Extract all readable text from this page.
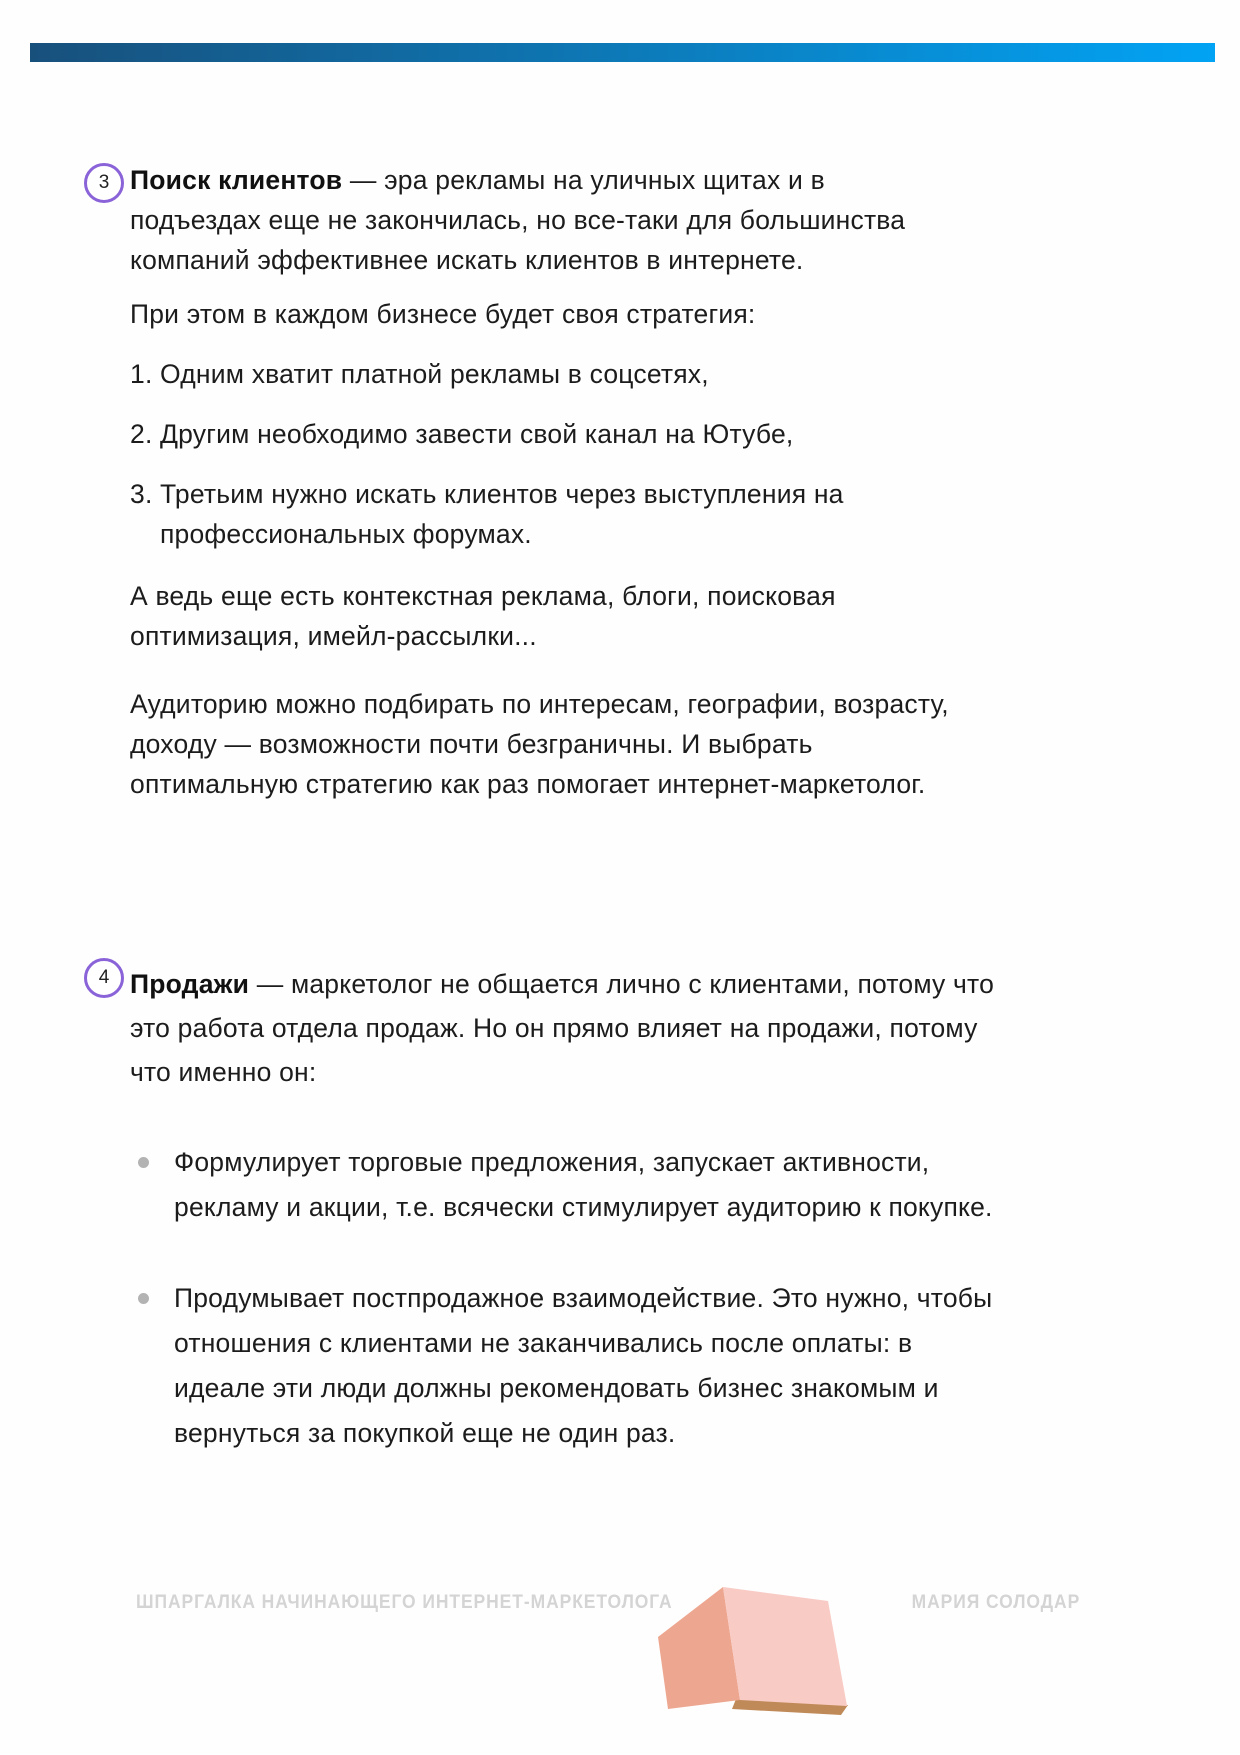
3 Поиск клиентов — эра рекламы на уличных щитах и в подъездах еще не закончилась, но все-таки для большинства компаний эффективнее искать клиентов в интернете.

При этом в каждом бизнесе будет своя стратегия:

1. Одним хватит платной рекламы в соцсетях,
2. Другим необходимо завести свой канал на Ютубе,
3. Третьим нужно искать клиентов через выступления на профессиональных форумах.

А ведь еще есть контекстная реклама, блоги, поисковая оптимизация, имейл-рассылки...

Аудиторию можно подбирать по интересам, географии, возрасту, доходу — возможности почти безграничны. И выбрать оптимальную стратегию как раз помогает интернет-маркетолог.

4 Продажи — маркетолог не общается лично с клиентами, потому что это работа отдела продаж. Но он прямо влияет на продажи, потому что именно он:

Формулирует торговые предложения, запускает активности, рекламу и акции, т.е. всячески стимулирует аудиторию к покупке.
Продумывает постпродажное взаимодействие. Это нужно, чтобы отношения с клиентами не заканчивались после оплаты: в идеале эти люди должны рекомендовать бизнес знакомым и вернуться за покупкой еще не один раз.
ШПАРГАЛКА НАЧИНАЮЩЕГО ИНТЕРНЕТ-МАРКЕТОЛОГА	МАРИЯ СОЛОДАР
